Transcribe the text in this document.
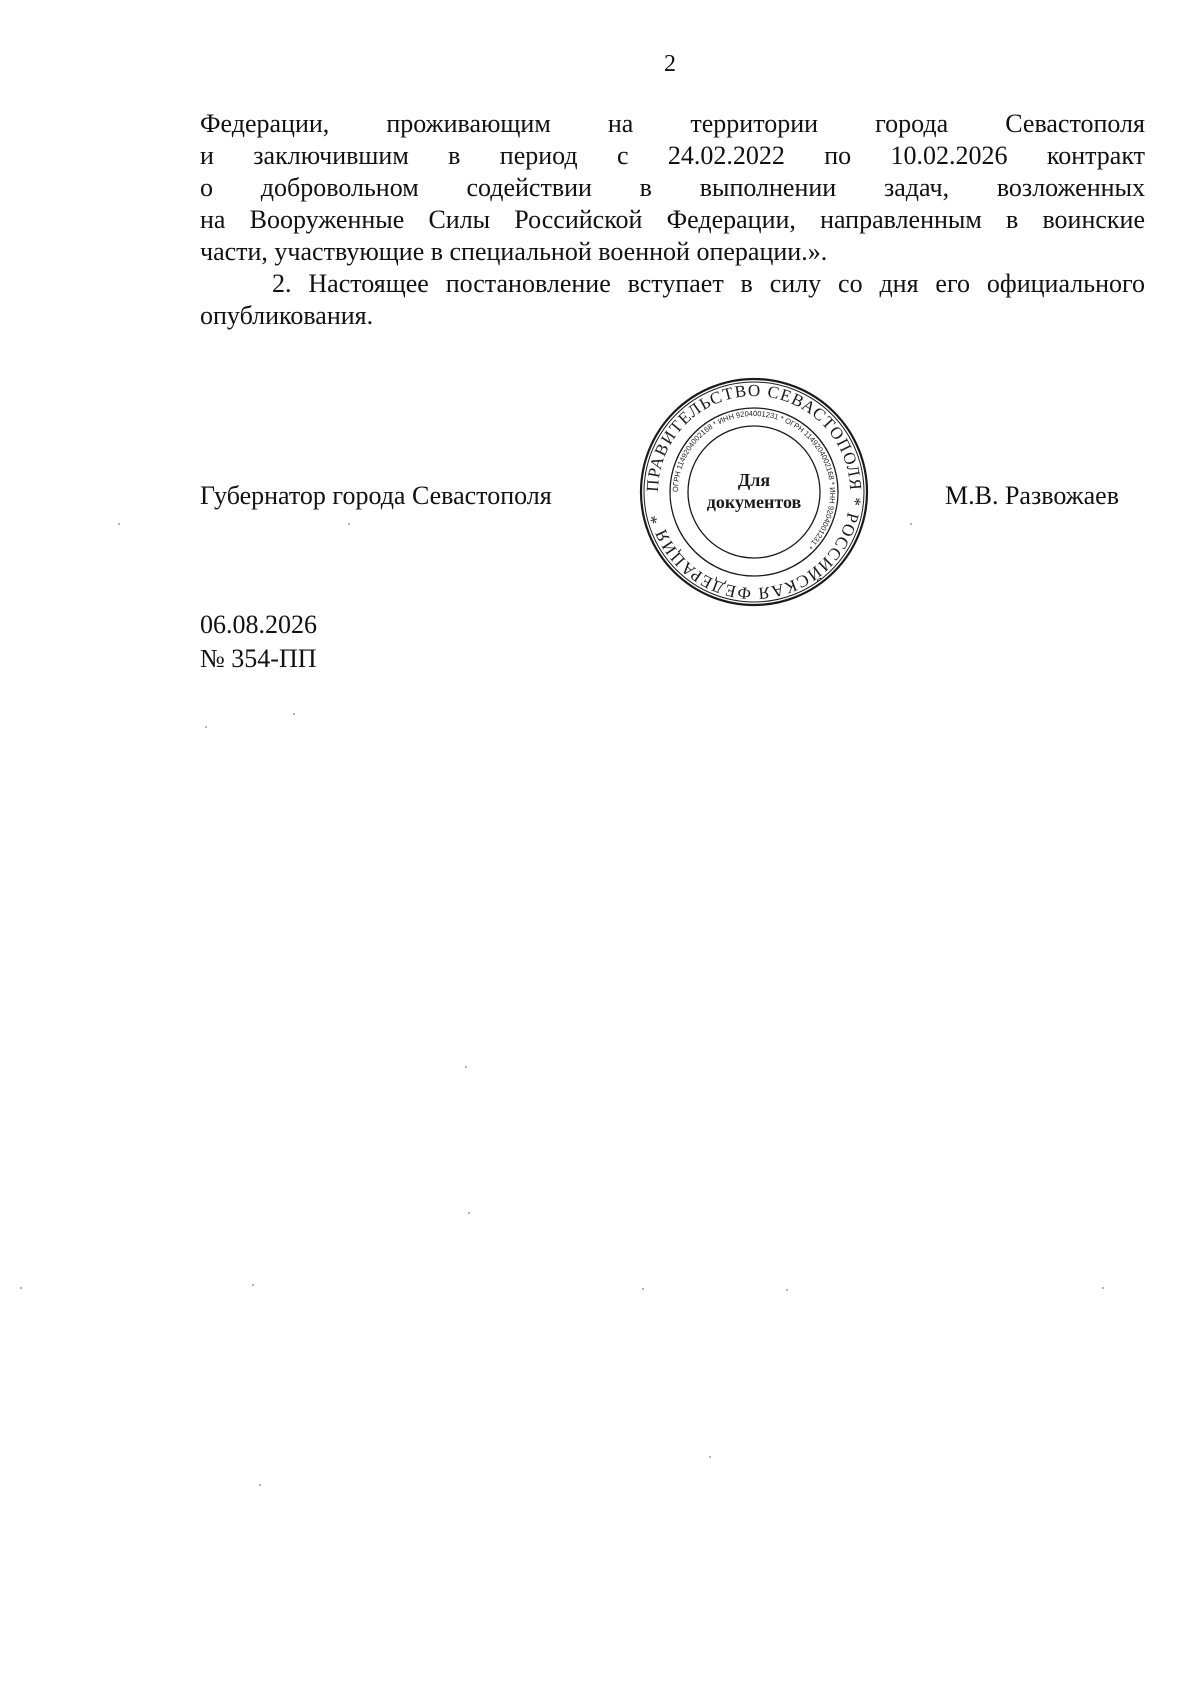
2
Федерации, проживающим на территории города Севастополя
и заключившим в период с 24.02.2022 по 10.02.2026 контракт
о добровольном содействии в выполнении задач, возложенных
на Вооруженные Силы Российской Федерации, направленным в воинские
части, участвующие в специальной военной операции.».
2. Настоящее постановление вступает в силу со дня его официального
опубликования.
Губернатор города Севастополя	М.В. Развожаев
ПРАВИТЕЛЬСТВО СЕВАСТОПОЛЯ * РОССИЙСКАЯ ФЕДЕРАЦИЯ *
ОГРН 1149204002168 * ИНН 9204001231 * ОГРН 1149204002168 * ИНН 9204001231 *
Для
документов
06.08.2026
№ 354-ПП
